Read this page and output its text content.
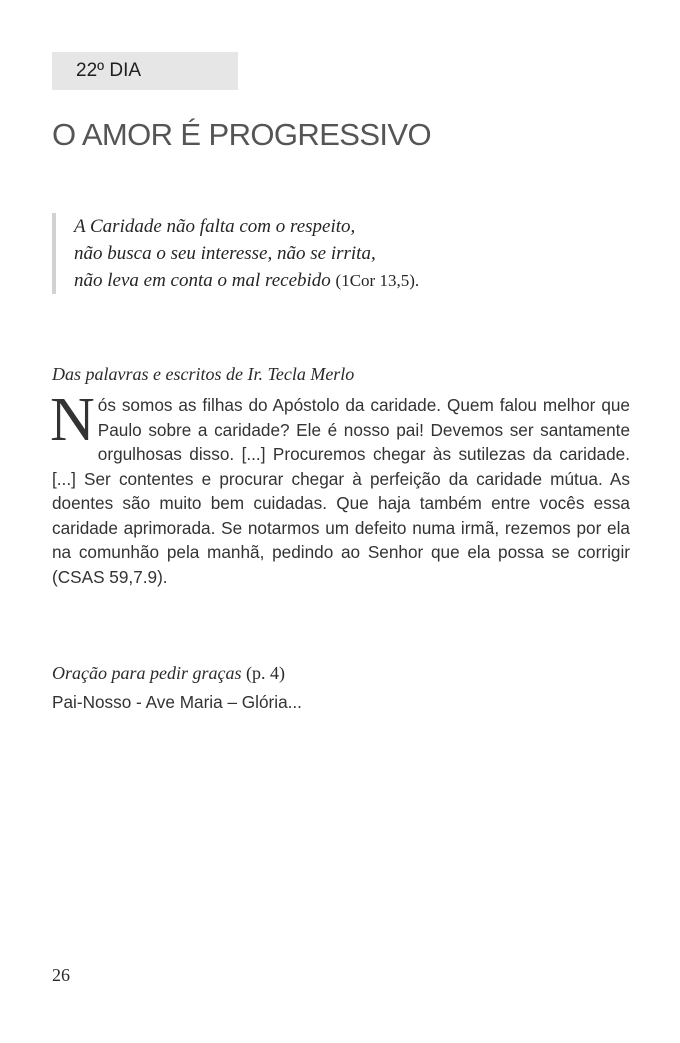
22º DIA
O AMOR É PROGRESSIVO
A Caridade não falta com o respeito,
não busca o seu interesse, não se irrita,
não leva em conta o mal recebido (1Cor 13,5).
Das palavras e escritos de Ir. Tecla Merlo

Nós somos as filhas do Apóstolo da caridade. Quem falou melhor que Paulo sobre a caridade? Ele é nosso pai! Devemos ser santamente orgulhosas disso. [...] Procuremos chegar às sutilezas da caridade. [...] Ser contentes e procurar chegar à perfeição da caridade mútua. As doentes são muito bem cuidadas. Que haja também entre vocês essa caridade aprimorada. Se notarmos um defeito numa irmã, rezemos por ela na comunhão pela manhã, pedindo ao Senhor que ela possa se corrigir (CSAS 59,7.9).

Oração para pedir graças (p. 4)
Pai-Nosso - Ave Maria – Glória...
26
